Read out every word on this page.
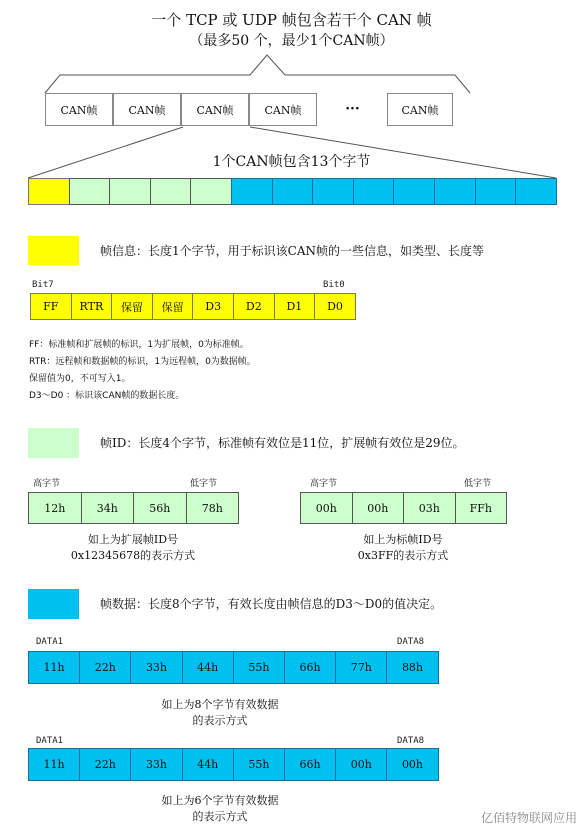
一个 TCP 或 UDP 帧包含若干个 CAN 帧
（最多50 个，最少1个CAN帧）
CAN帧	CAN帧	CAN帧	CAN帧	···	CAN帧
1个CAN帧包含13个字节
帧信息：长度1个字节，用于标识该CAN帧的一些信息，如类型、长度等
Bit7	Bit0
FF	RTR	保留	保留	D3	D2	D1	D0
FF：标准帧和扩展帧的标识，1为扩展帧，0为标准帧。
RTR：远程帧和数据帧的标识，1为远程帧，0为数据帧。
保留值为0，不可写入1。
D3～D0 ：标识该CAN帧的数据长度。
帧ID：长度4个字节，标准帧有效位是11位，扩展帧有效位是29位。
高字节	低字节
12h	34h	56h	78h
如上为扩展帧ID号
0x12345678的表示方式
高字节	低字节
00h	00h	03h	FFh
如上为标帧ID号
0x3FF的表示方式
帧数据：长度8个字节，有效长度由帧信息的D3～D0的值决定。
DATA1	DATA8
11h	22h	33h	44h	55h	66h	77h	88h
如上为8个字节有效数据
的表示方式
DATA1	DATA8
11h	22h	33h	44h	55h	66h	00h	00h
如上为6个字节有效数据
的表示方式	亿佰特物联网应用
